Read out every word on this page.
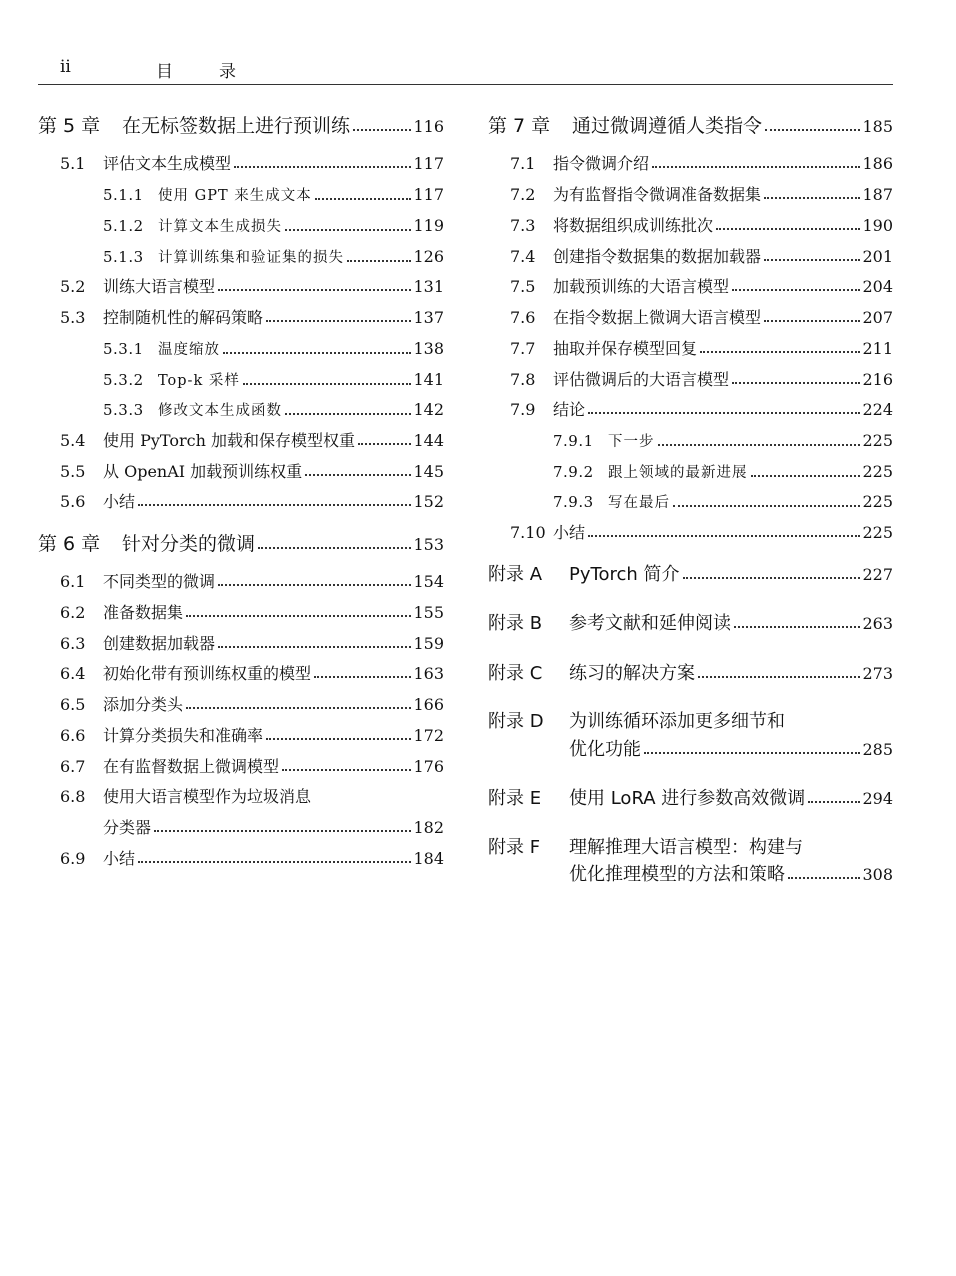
ii	目录
第 5 章	在无标签数据上进行预训练	116
5.1	评估文本生成模型	117
5.1.1 使用 GPT 来生成文本	117
5.1.2 计算文本生成损失	119
5.1.3 计算训练集和验证集的损失	126
5.2	训练大语言模型	131
5.3	控制随机性的解码策略	137
5.3.1 温度缩放	138
5.3.2 Top-k 采样	141
5.3.3 修改文本生成函数	142
5.4	使用 PyTorch 加载和保存模型权重	144
5.5	从 OpenAI 加载预训练权重	145
5.6	小结	152
第 6 章	针对分类的微调	153
6.1	不同类型的微调	154
6.2	准备数据集	155
6.3	创建数据加载器	159
6.4	初始化带有预训练权重的模型	163
6.5	添加分类头	166
6.6	计算分类损失和准确率	172
6.7	在有监督数据上微调模型	176
6.8 使用大语言模型作为垃圾消息
分类器	182
6.9	小结	184
第 7 章	通过微调遵循人类指令	185
7.1	指令微调介绍	186
7.2	为有监督指令微调准备数据集	187
7.3	将数据组织成训练批次	190
7.4	创建指令数据集的数据加载器	201
7.5	加载预训练的大语言模型	204
7.6	在指令数据上微调大语言模型	207
7.7	抽取并保存模型回复	211
7.8	评估微调后的大语言模型	216
7.9	结论	224
7.9.1 下一步	225
7.9.2 跟上领域的最新进展	225
7.9.3 写在最后	225
7.10 小结	225
附录 A	PyTorch 简介	227
附录 B	参考文献和延伸阅读	263
附录 C	练习的解决方案	273
附录 D 为训练循环添加更多细节和
优化功能	285
附录 E	使用 LoRA 进行参数高效微调	294
附录 F 理解推理大语言模型：构建与
优化推理模型的方法和策略	308
